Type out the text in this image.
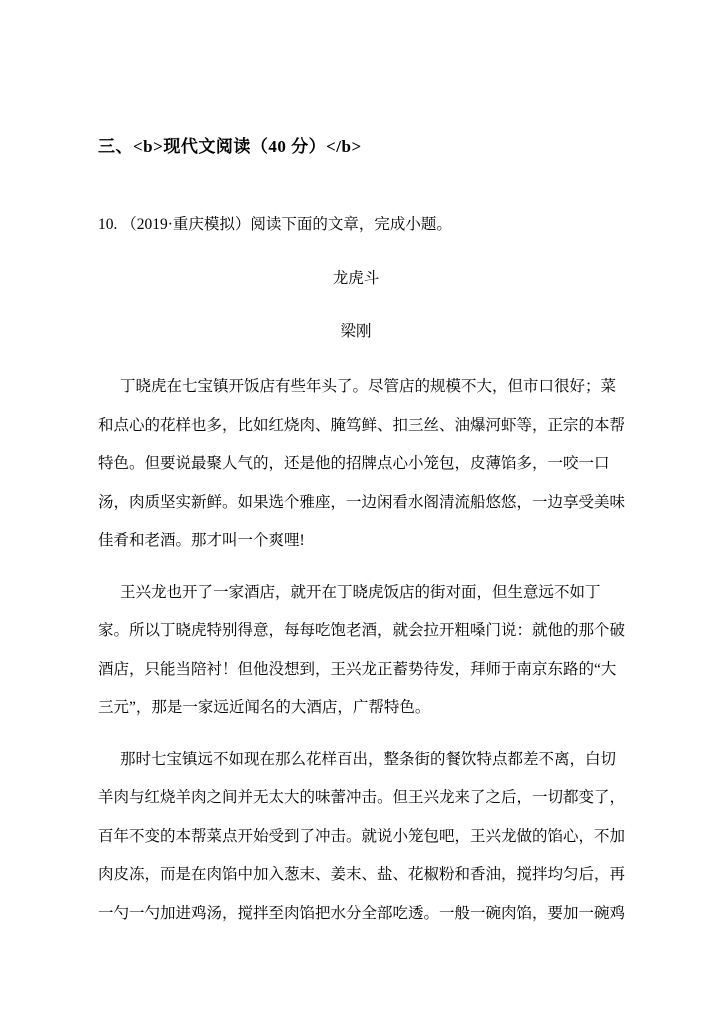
三、<b>现代文阅读（40 分）</b>
10. （2019·重庆模拟）阅读下面的文章，完成小题。
龙虎斗
梁刚
丁晓虎在七宝镇开饭店有些年头了。尽管店的规模不大，但市口很好；菜
和点心的花样也多，比如红烧肉、腌笃鲜、扣三丝、油爆河虾等，正宗的本帮
特色。但要说最聚人气的，还是他的招牌点心小笼包，皮薄馅多，一咬一口
汤，肉质坚实新鲜。如果选个雅座，一边闲看水阁清流船悠悠，一边享受美味
佳肴和老酒。那才叫一个爽哩!
王兴龙也开了一家酒店，就开在丁晓虎饭店的街对面，但生意远不如丁
家。所以丁晓虎特别得意，每每吃饱老酒，就会拉开粗嗓门说：就他的那个破
酒店，只能当陪衬！但他没想到，王兴龙正蓄势待发，拜师于南京东路的“大
三元”，那是一家远近闻名的大酒店，广帮特色。
那时七宝镇远不如现在那么花样百出，整条街的餐饮特点都差不离，白切
羊肉与红烧羊肉之间并无太大的味蕾冲击。但王兴龙来了之后，一切都变了，
百年不变的本帮菜点开始受到了冲击。就说小笼包吧，王兴龙做的馅心，不加
肉皮冻，而是在肉馅中加入葱末、姜末、盐、花椒粉和香油，搅拌均匀后，再
一勺一勺加进鸡汤，搅拌至肉馅把水分全部吃透。一般一碗肉馅，要加一碗鸡
